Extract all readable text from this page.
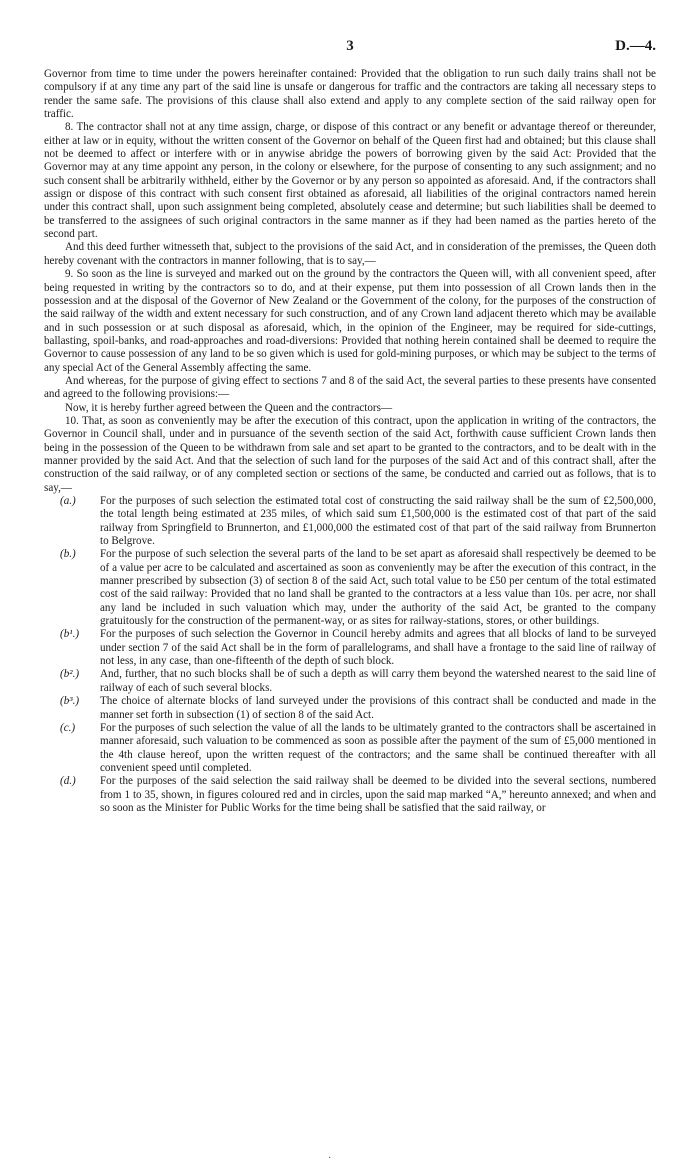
3	D.—4.

Governor from time to time under the powers hereinafter contained: Provided that the obligation to run such daily trains shall not be compulsory if at any time any part of the said line is unsafe or dangerous for traffic and the contractors are taking all necessary steps to render the same safe. The provisions of this clause shall also extend and apply to any complete section of the said railway open for traffic.

8. The contractor shall not at any time assign, charge, or dispose of this contract or any benefit or advantage thereof or thereunder, either at law or in equity, without the written consent of the Governor on behalf of the Queen first had and obtained; but this clause shall not be deemed to affect or interfere with or in anywise abridge the powers of borrowing given by the said Act: Provided that the Governor may at any time appoint any person, in the colony or elsewhere, for the purpose of consenting to any such assignment; and no such consent shall be arbitrarily withheld, either by the Governor or by any person so appointed as aforesaid. And, if the contractors shall assign or dispose of this contract with such consent first obtained as aforesaid, all liabilities of the original contractors named herein under this contract shall, upon such assignment being completed, absolutely cease and determine; but such liabilities shall be deemed to be transferred to the assignees of such original contractors in the same manner as if they had been named as the parties hereto of the second part.

And this deed further witnesseth that, subject to the provisions of the said Act, and in consideration of the premisses, the Queen doth hereby covenant with the contractors in manner following, that is to say,—

9. So soon as the line is surveyed and marked out on the ground by the contractors the Queen will, with all convenient speed, after being requested in writing by the contractors so to do, and at their expense, put them into possession of all Crown lands then in the possession and at the disposal of the Governor of New Zealand or the Government of the colony, for the purposes of the construction of the said railway of the width and extent necessary for such construction, and of any Crown land adjacent thereto which may be available and in such possession or at such disposal as aforesaid, which, in the opinion of the Engineer, may be required for side-cuttings, ballasting, spoil-banks, and road-approaches and road-diversions: Provided that nothing herein contained shall be deemed to require the Governor to cause possession of any land to be so given which is used for gold-mining purposes, or which may be subject to the terms of any special Act of the General Assembly affecting the same.

And whereas, for the purpose of giving effect to sections 7 and 8 of the said Act, the several parties to these presents have consented and agreed to the following provisions:—

Now, it is hereby further agreed between the Queen and the contractors—

10. That, as soon as conveniently may be after the execution of this contract, upon the application in writing of the contractors, the Governor in Council shall, under and in pursuance of the seventh section of the said Act, forthwith cause sufficient Crown lands then being in the possession of the Queen to be withdrawn from sale and set apart to be granted to the contractors, and to be dealt with in the manner provided by the said Act. And that the selection of such land for the purposes of the said Act and of this contract shall, after the construction of the said railway, or of any completed section or sections of the same, be conducted and carried out as follows, that is to say,—

(a.) For the purposes of such selection the estimated total cost of constructing the said railway shall be the sum of £2,500,000, the total length being estimated at 235 miles, of which said sum £1,500,000 is the estimated cost of that part of the said railway from Springfield to Brunnerton, and £1,000,000 the estimated cost of that part of the said railway from Brunnerton to Belgrove.
(b.) For the purpose of such selection the several parts of the land to be set apart as aforesaid shall respectively be deemed to be of a value per acre to be calculated and ascertained as soon as conveniently may be after the execution of this contract, in the manner prescribed by subsection (3) of section 8 of the said Act, such total value to be £50 per centum of the total estimated cost of the said railway: Provided that no land shall be granted to the contractors at a less value than 10s. per acre, nor shall any land be included in such valuation which may, under the authority of the said Act, be granted to the company gratuitously for the construction of the permanent-way, or as sites for railway-stations, stores, or other buildings.
(b¹.) For the purposes of such selection the Governor in Council hereby admits and agrees that all blocks of land to be surveyed under section 7 of the said Act shall be in the form of parallelograms, and shall have a frontage to the said line of railway of not less, in any case, than one-fifteenth of the depth of such block.
(b².) And, further, that no such blocks shall be of such a depth as will carry them beyond the watershed nearest to the said line of railway of each of such several blocks.
(b³.) The choice of alternate blocks of land surveyed under the provisions of this contract shall be conducted and made in the manner set forth in subsection (1) of section 8 of the said Act.
(c.) For the purposes of such selection the value of all the lands to be ultimately granted to the contractors shall be ascertained in manner aforesaid, such valuation to be commenced as soon as possible after the payment of the sum of £5,000 mentioned in the 4th clause hereof, upon the written request of the contractors; and the same shall be continued thereafter with all convenient speed until completed.
(d.) For the purposes of the said selection the said railway shall be deemed to be divided into the several sections, numbered from 1 to 35, shown, in figures coloured red and in circles, upon the said map marked “A,” hereunto annexed; and when and so soon as the Minister for Public Works for the time being shall be satisfied that the said railway, or
·
